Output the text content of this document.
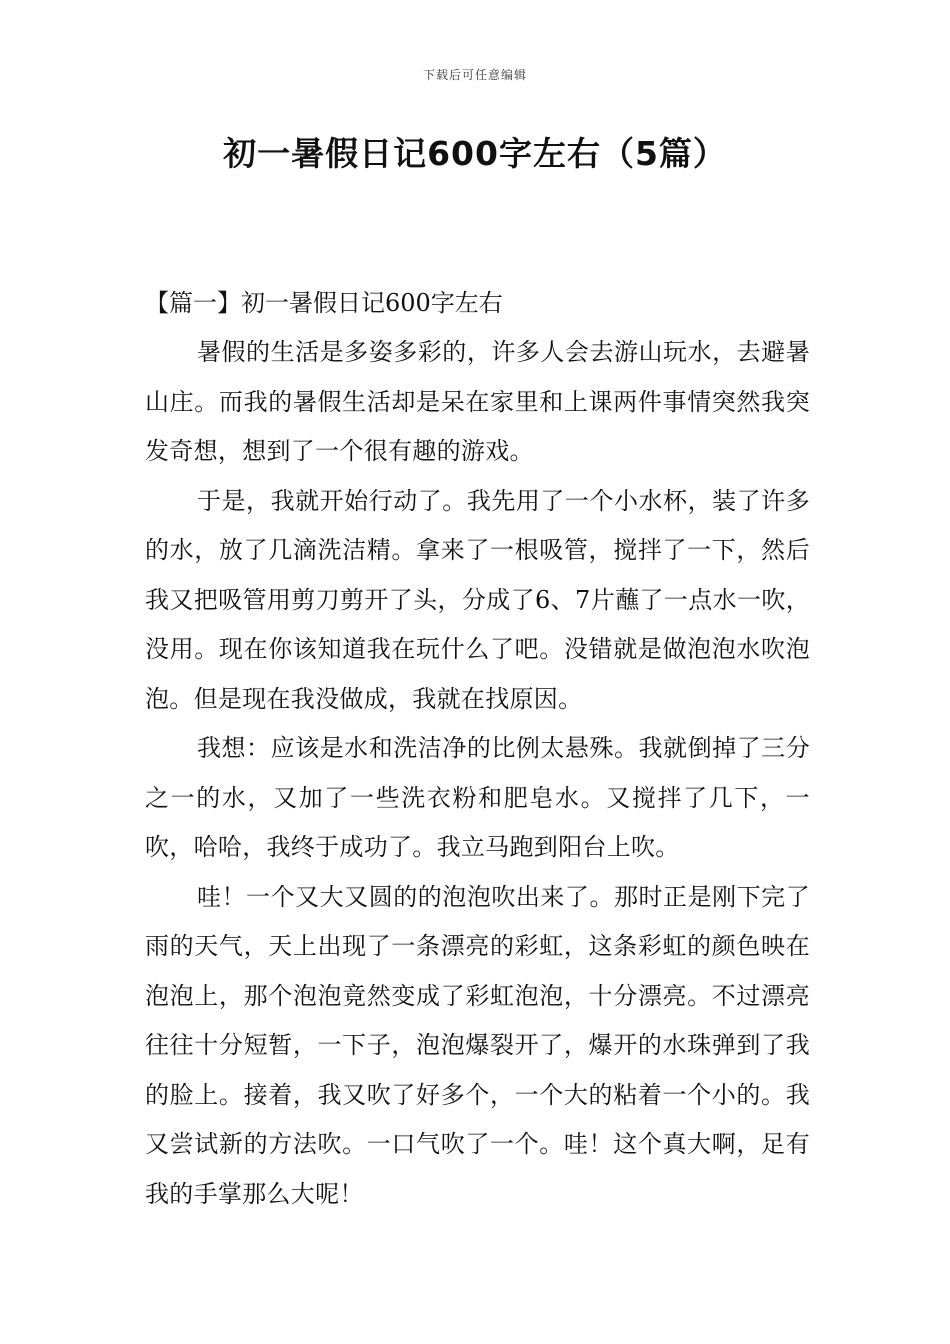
下载后可任意编辑
初一暑假日记600字左右（5篇）

【篇一】初一暑假日记600字左右

暑假的生活是多姿多彩的，许多人会去游山玩水，去避暑山庄。而我的暑假生活却是呆在家里和上课两件事情突然我突发奇想，想到了一个很有趣的游戏。

于是，我就开始行动了。我先用了一个小水杯，装了许多的水，放了几滴洗洁精。拿来了一根吸管，搅拌了一下，然后我又把吸管用剪刀剪开了头，分成了6、7片蘸了一点水一吹，没用。现在你该知道我在玩什么了吧。没错就是做泡泡水吹泡泡。但是现在我没做成，我就在找原因。

我想：应该是水和洗洁净的比例太悬殊。我就倒掉了三分之一的水，又加了一些洗衣粉和肥皂水。又搅拌了几下，一吹，哈哈，我终于成功了。我立马跑到阳台上吹。

哇！一个又大又圆的的泡泡吹出来了。那时正是刚下完了雨的天气，天上出现了一条漂亮的彩虹，这条彩虹的颜色映在泡泡上，那个泡泡竟然变成了彩虹泡泡，十分漂亮。不过漂亮往往十分短暂，一下子，泡泡爆裂开了，爆开的水珠弹到了我的脸上。接着，我又吹了好多个，一个大的粘着一个小的。我又尝试新的方法吹。一口气吹了一个。哇！这个真大啊，足有我的手掌那么大呢！
